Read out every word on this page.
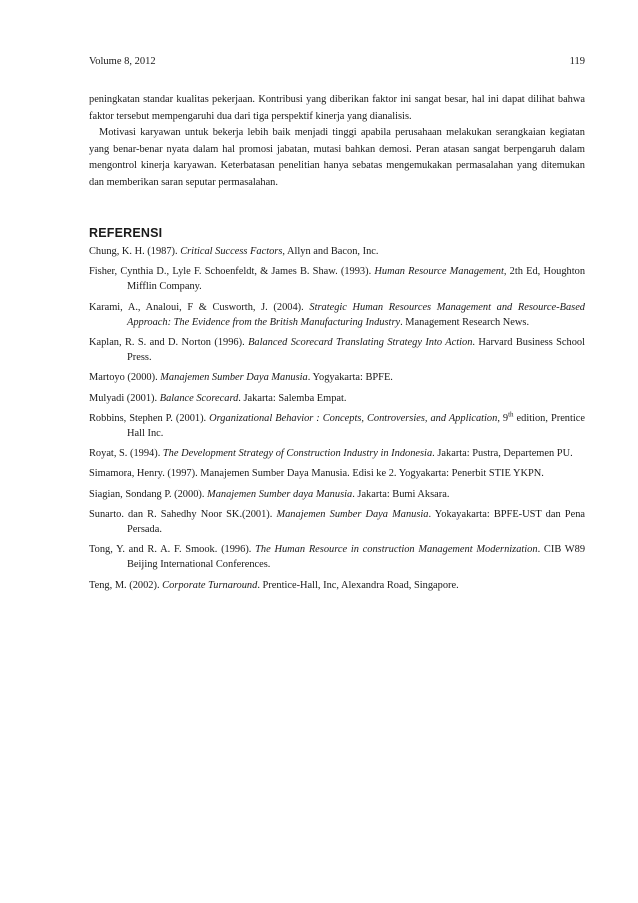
Volume 8, 2012	119

peningkatan standar kualitas pekerjaan. Kontribusi yang diberikan faktor ini sangat besar, hal ini dapat dilihat bahwa faktor tersebut mempengaruhi dua dari tiga perspektif kinerja yang dianalisis.

Motivasi karyawan untuk bekerja lebih baik menjadi tinggi apabila perusahaan melakukan serangkaian kegiatan yang benar-benar nyata dalam hal promosi jabatan, mutasi bahkan demosi. Peran atasan sangat berpengaruh dalam mengontrol kinerja karyawan. Keterbatasan penelitian hanya sebatas mengemukakan permasalahan yang ditemukan dan memberikan saran seputar permasalahan.

REFERENSI

Chung, K. H. (1987). Critical Success Factors, Allyn and Bacon, Inc.

Fisher, Cynthia D., Lyle F. Schoenfeldt, & James B. Shaw. (1993). Human Resource Management, 2th Ed, Houghton Mifflin Company.

Karami, A., Analoui, F & Cusworth, J. (2004). Strategic Human Resources Management and Resource-Based Approach: The Evidence from the British Manufacturing Industry. Management Research News.

Kaplan, R. S. and D. Norton (1996). Balanced Scorecard Translating Strategy Into Action. Harvard Business School Press.

Martoyo (2000). Manajemen Sumber Daya Manusia. Yogyakarta: BPFE.

Mulyadi (2001). Balance Scorecard. Jakarta: Salemba Empat.

Robbins, Stephen P. (2001). Organizational Behavior : Concepts, Controversies, and Application, 9th edition, Prentice Hall Inc.

Royat, S. (1994). The Development Strategy of Construction Industry in Indonesia. Jakarta: Pustra, Departemen PU.

Simamora, Henry. (1997). Manajemen Sumber Daya Manusia. Edisi ke 2. Yogyakarta: Penerbit STIE YKPN.

Siagian, Sondang P. (2000). Manajemen Sumber daya Manusia. Jakarta: Bumi Aksara.

Sunarto. dan R. Sahedhy Noor SK.(2001). Manajemen Sumber Daya Manusia. Yokayakarta: BPFE-UST dan Pena Persada.

Tong, Y. and R. A. F. Smook. (1996). The Human Resource in construction Management Modernization. CIB W89 Beijing International Conferences.

Teng, M. (2002). Corporate Turnaround. Prentice-Hall, Inc, Alexandra Road, Singapore.
